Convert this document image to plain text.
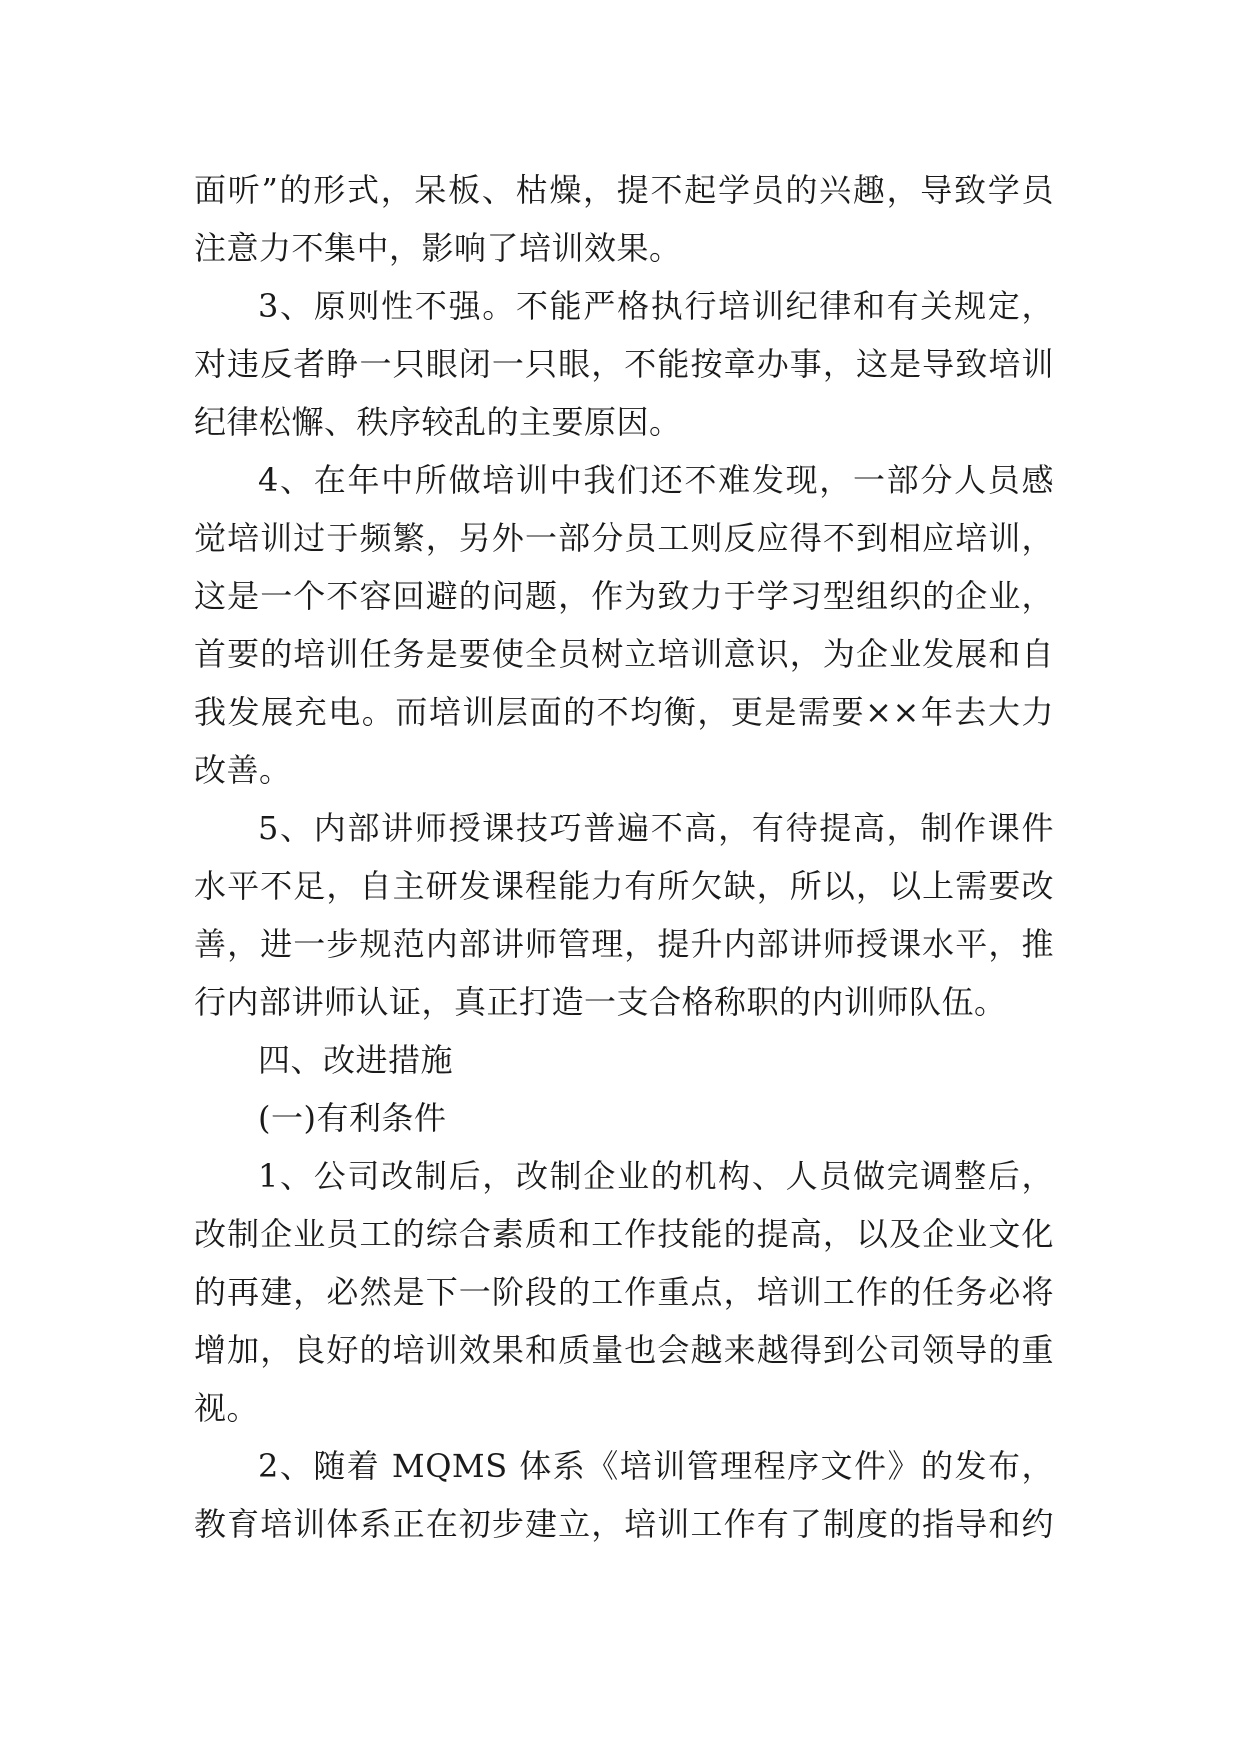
面听”的形式，呆板、枯燥，提不起学员的兴趣，导致学员
注意力不集中，影响了培训效果。
3、原则性不强。不能严格执行培训纪律和有关规定，
对违反者睁一只眼闭一只眼，不能按章办事，这是导致培训
纪律松懈、秩序较乱的主要原因。
4、在年中所做培训中我们还不难发现，一部分人员感
觉培训过于频繁，另外一部分员工则反应得不到相应培训，
这是一个不容回避的问题，作为致力于学习型组织的企业，
首要的培训任务是要使全员树立培训意识，为企业发展和自
我发展充电。而培训层面的不均衡，更是需要××年去大力
改善。
5、内部讲师授课技巧普遍不高，有待提高，制作课件
水平不足，自主研发课程能力有所欠缺，所以，以上需要改
善，进一步规范内部讲师管理，提升内部讲师授课水平，推
行内部讲师认证，真正打造一支合格称职的内训师队伍。
四、改进措施
(一)有利条件
1、公司改制后，改制企业的机构、人员做完调整后，
改制企业员工的综合素质和工作技能的提高，以及企业文化
的再建，必然是下一阶段的工作重点，培训工作的任务必将
增加，良好的培训效果和质量也会越来越得到公司领导的重
视。
2、随着 MQMS 体系《培训管理程序文件》的发布，
教育培训体系正在初步建立，培训工作有了制度的指导和约
